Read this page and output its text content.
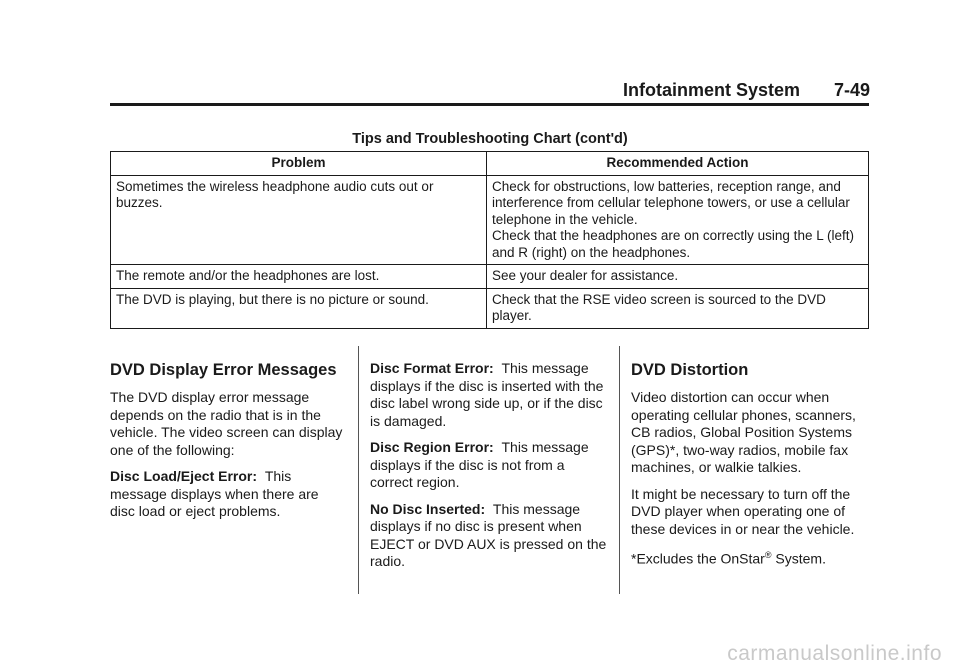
Infotainment System 7-49
Tips and Troubleshooting Chart (cont'd)
Problem	Recommended Action
Sometimes the wireless headphone audio cuts out or buzzes.	Check for obstructions, low batteries, reception range, and interference from cellular telephone towers, or use a cellular telephone in the vehicle.
Check that the headphones are on correctly using the L (left) and R (right) on the headphones.

The remote and/or the headphones are lost.	See your dealer for assistance.

The DVD is playing, but there is no picture or sound.	Check that the RSE video screen is sourced to the DVD player.
DVD Display Error Messages

The DVD display error message depends on the radio that is in the vehicle. The video screen can display one of the following:

Disc Load/Eject Error: This message displays when there are disc load or eject problems.

Disc Format Error: This message displays if the disc is inserted with the disc label wrong side up, or if the disc is damaged.

Disc Region Error: This message displays if the disc is not from a correct region.

No Disc Inserted: This message displays if no disc is present when EJECT or DVD AUX is pressed on the radio.

DVD Distortion

Video distortion can occur when operating cellular phones, scanners, CB radios, Global Position Systems (GPS)*, two-way radios, mobile fax machines, or walkie talkies.

It might be necessary to turn off the DVD player when operating one of these devices in or near the vehicle.

*Excludes the OnStar® System.

carmanualsonline.info
